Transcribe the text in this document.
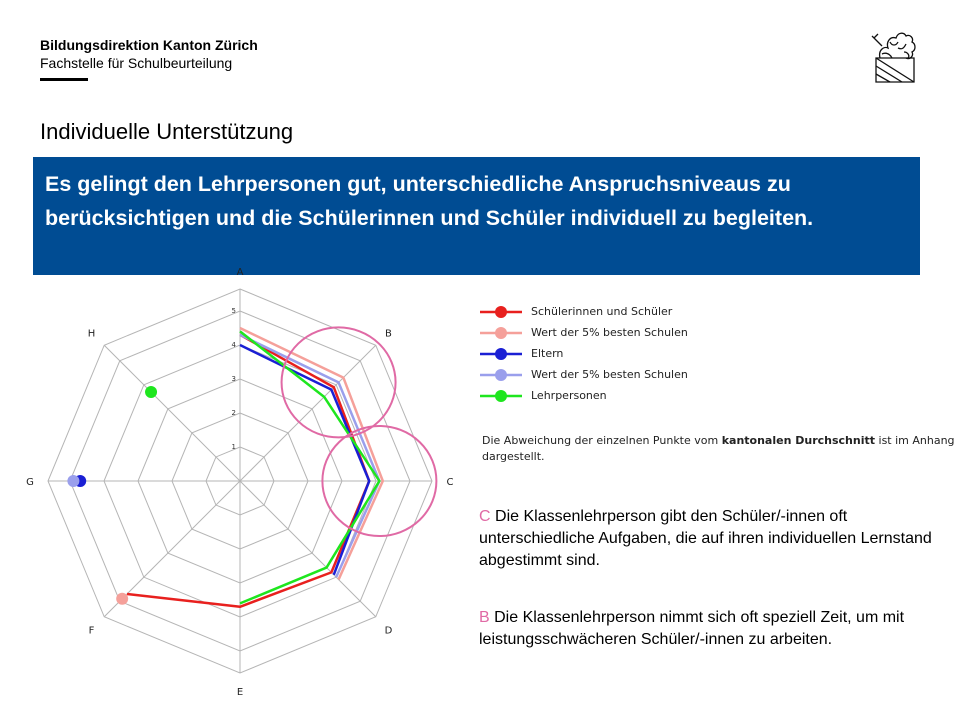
Bildungsdirektion Kanton Zürich
Fachstelle für Schulbeurteilung
Individuelle Unterstützung
Es gelingt den Lehrpersonen gut, unterschiedliche Anspruchsniveaus zu berücksichtigen und die Schülerinnen und Schüler individuell zu begleiten.
1
2
3
4
5
A
B
C
D
E
F
G
H
Schülerinnen und Schüler
Wert der 5% besten Schulen
Eltern
Wert der 5% besten Schulen
Lehrpersonen
Die Abweichung der einzelnen Punkte vom kantonalen Durchschnitt ist im Anhang dargestellt.
C Die Klassenlehrperson gibt den Schüler/-innen oft unterschiedliche Aufgaben, die auf ihren individuellen Lernstand abgestimmt sind.
B Die Klassenlehrperson nimmt sich oft speziell Zeit, um mit leistungsschwächeren Schüler/-innen zu arbeiten.
